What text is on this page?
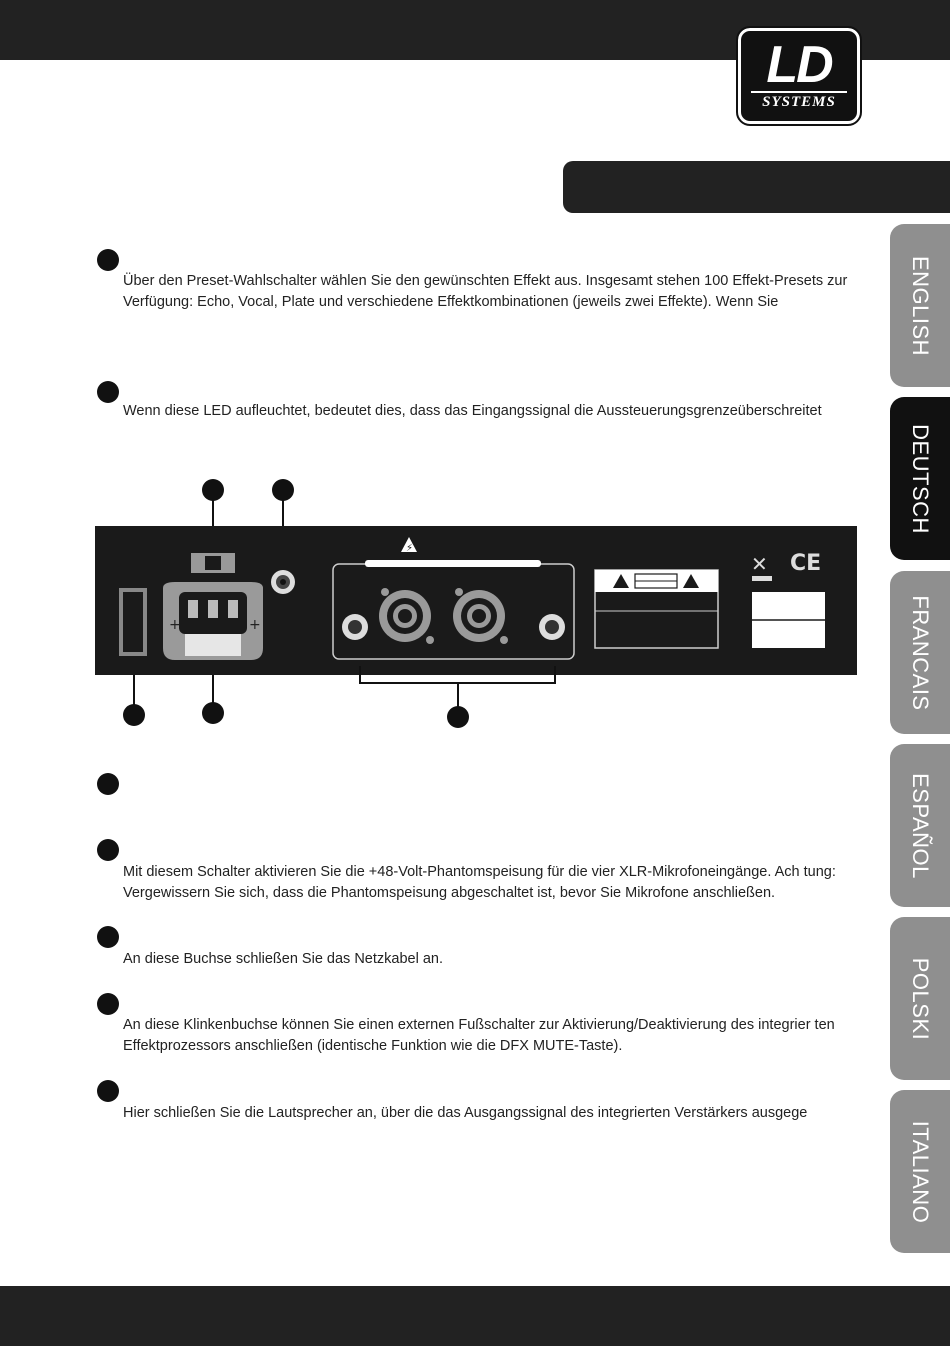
LD
SYSTEMS
ENGLISH
DEUTSCH
FRANCAIS
ESPAÑOL
POLSKI
ITALIANO

Über den Preset-Wahlschalter wählen Sie den gewünschten Effekt aus. Insgesamt stehen 100 Effekt-Presets zur Verfügung: Echo, Vocal, Plate und verschiedene Effektkombinationen (jeweils zwei Effekte). Wenn Sie

Wenn diese LED aufleuchtet, bedeutet dies, dass das Eingangssignal die Aussteuerungsgrenzeüberschreitet

+	+
⚡
✕ CE

Mit diesem Schalter aktivieren Sie die +48-Volt-Phantomspeisung für die vier XLR-Mikrofoneingänge. Ach tung: Vergewissern Sie sich, dass die Phantomspeisung abgeschaltet ist, bevor Sie Mikrofone anschließen.

An diese Buchse schließen Sie das Netzkabel an.

An diese Klinkenbuchse können Sie einen externen Fußschalter zur Aktivierung/Deaktivierung des integrier ten Effektprozessors anschließen (identische Funktion wie die DFX MUTE-Taste).

Hier schließen Sie die Lautsprecher an, über die das Ausgangssignal des integrierten Verstärkers ausgege
